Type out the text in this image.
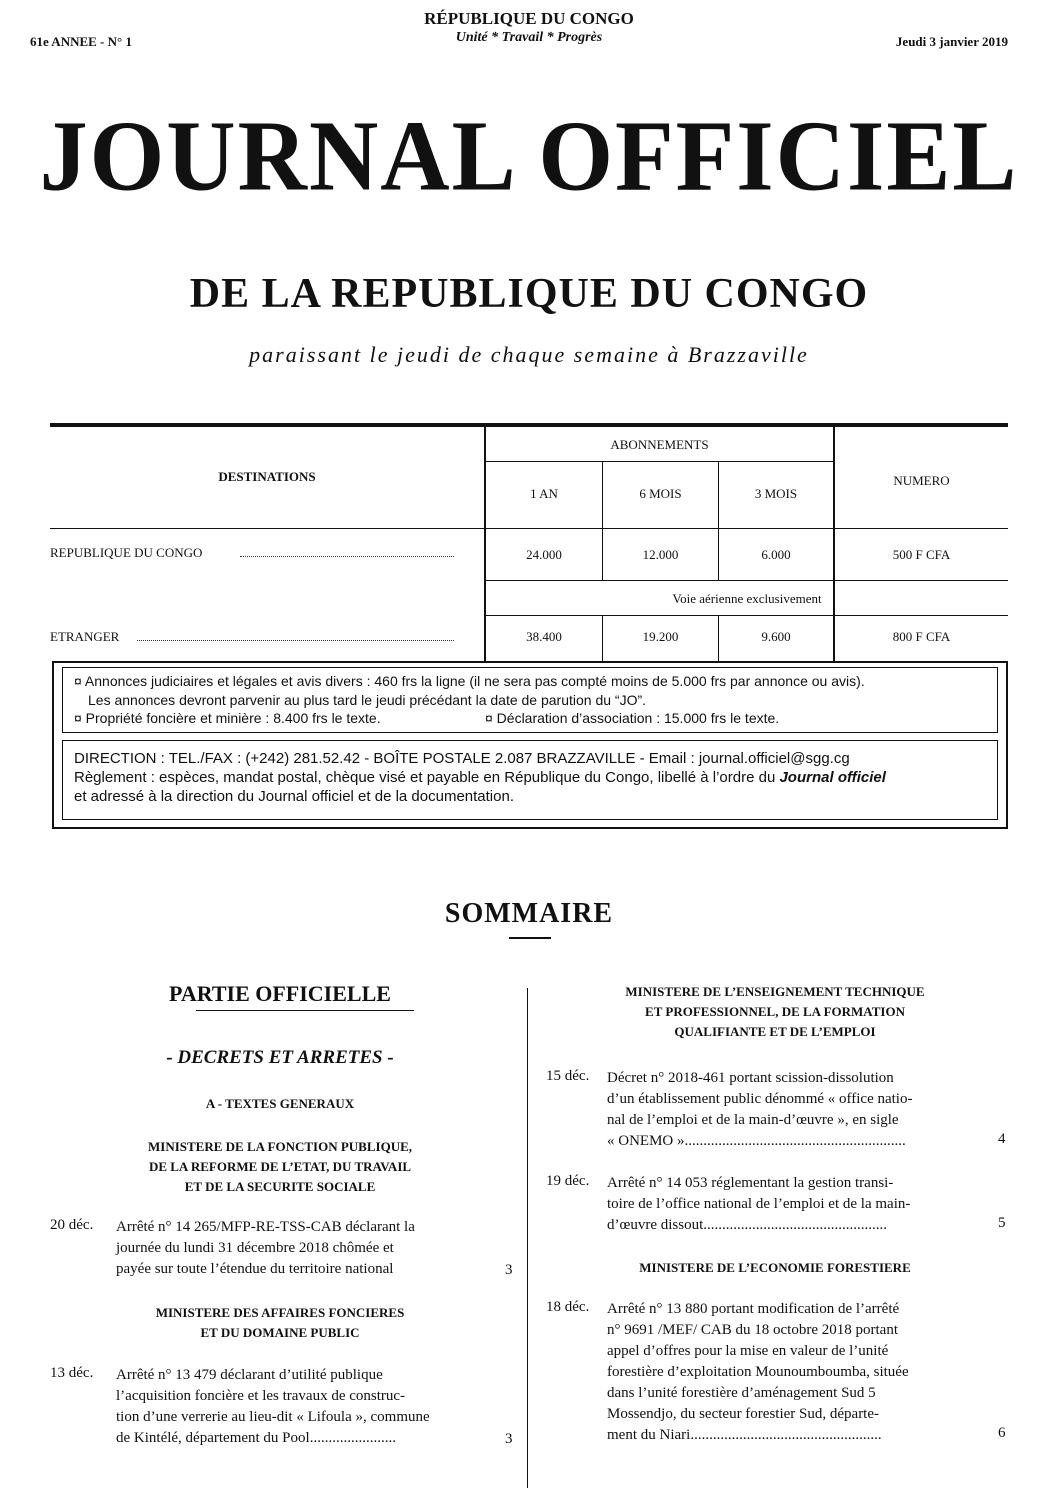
RÉPUBLIQUE DU CONGO
Unité * Travail * Progrès
61e ANNEE - N° 1	Jeudi 3 janvier 2019
JOURNAL OFFICIEL
DE LA REPUBLIQUE DU CONGO
paraissant le jeudi de chaque semaine à Brazzaville
DESTINATIONS
ABONNEMENTS
1 AN	6 MOIS	3 MOIS
NUMERO
REPUBLIQUE DU CONGO	24.000	12.000	6.000	500 F CFA
Voie aérienne exclusivement
ETRANGER	38.400	19.200	9.600	800 F CFA
¤ Annonces judiciaires et légales et avis divers : 460 frs la ligne (il ne sera pas compté moins de 5.000 frs par annonce ou avis).
Les annonces devront parvenir au plus tard le jeudi précédant la date de parution du “JO”.
¤ Propriété foncière et minière : 8.400 frs le texte.	¤ Déclaration d’association : 15.000 frs le texte.
DIRECTION : TEL./FAX : (+242) 281.52.42 - BOÎTE POSTALE 2.087 BRAZZAVILLE - Email : journal.officiel@sgg.cg
Règlement : espèces, mandat postal, chèque visé et payable en République du Congo, libellé à l’ordre du Journal officiel
et adressé à la direction du Journal officiel et de la documentation.
SOMMAIRE
PARTIE OFFICIELLE
- DECRETS ET ARRETES -
A - TEXTES GENERAUX
MINISTERE DE LA FONCTION PUBLIQUE,
DE LA REFORME DE L’ETAT, DU TRAVAIL
ET DE LA SECURITE SOCIALE
20 déc. Arrêté n° 14 265/MFP-RE-TSS-CAB déclarant la
journée du lundi 31 décembre 2018 chômée et
payée sur toute l’étendue du territoire national	3
MINISTERE DES AFFAIRES FONCIERES
ET DU DOMAINE PUBLIC
13 déc. Arrêté n° 13 479 déclarant d’utilité publique
l’acquisition foncière et les travaux de construc-
tion d’une verrerie au lieu-dit « Lifoula », commune
de Kintélé, département du Pool.......................	3
MINISTERE DE L’ENSEIGNEMENT TECHNIQUE
ET PROFESSIONNEL, DE LA FORMATION
QUALIFIANTE ET DE L’EMPLOI
15 déc. Décret n° 2018-461 portant scission-dissolution
d’un établissement public dénommé « office natio-
nal de l’emploi et de la main-d’œuvre », en sigle
« ONEMO »...........................................................	4
19 déc. Arrêté n° 14 053 réglementant la gestion transi-
toire de l’office national de l’emploi et de la main-
d’œuvre dissout.................................................	5
MINISTERE DE L’ECONOMIE FORESTIERE
18 déc. Arrêté n° 13 880 portant modification de l’arrêté
n° 9691 /MEF/ CAB du 18 octobre 2018 portant
appel d’offres pour la mise en valeur de l’unité
forestière d’exploitation Mounoumboumba, située
dans l’unité forestière d’aménagement Sud 5
Mossendjo, du secteur forestier Sud, départe-
ment du Niari...................................................	6
